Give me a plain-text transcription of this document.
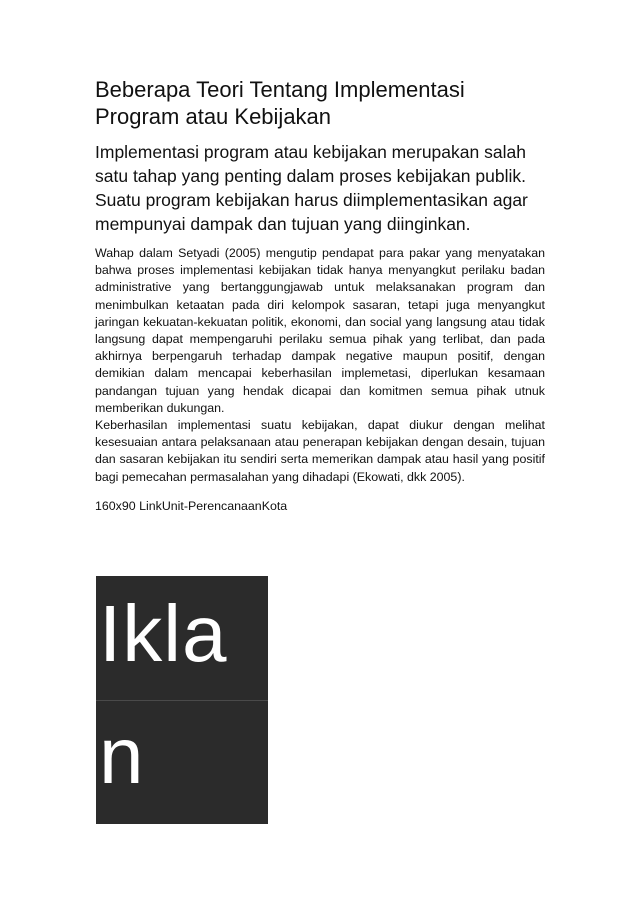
Beberapa Teori Tentang Implementasi Program atau Kebijakan
Implementasi program atau kebijakan merupakan salah satu tahap yang penting dalam proses kebijakan publik. Suatu program kebijakan harus diimplementasikan agar mempunyai dampak dan tujuan yang diinginkan.

Wahap dalam Setyadi (2005) mengutip pendapat para pakar yang menyatakan bahwa proses implementasi kebijakan tidak hanya menyangkut perilaku badan administrative yang bertanggungjawab untuk melaksanakan program dan menimbulkan ketaatan pada diri kelompok sasaran, tetapi juga menyangkut jaringan kekuatan-kekuatan politik, ekonomi, dan social yang langsung atau tidak langsung dapat mempengaruhi perilaku semua pihak yang terlibat, dan pada akhirnya berpengaruh terhadap dampak negative maupun positif, dengan demikian dalam mencapai keberhasilan implemetasi, diperlukan kesamaan pandangan tujuan yang hendak dicapai dan komitmen semua pihak utnuk memberikan dukungan.

Keberhasilan implementasi suatu kebijakan, dapat diukur dengan melihat kesesuaian antara pelaksanaan atau penerapan kebijakan dengan desain, tujuan dan sasaran kebijakan itu sendiri serta memerikan dampak atau hasil yang positif bagi pemecahan permasalahan yang dihadapi (Ekowati, dkk 2005).

160x90 LinkUnit-PerencanaanKota
Ikla
n
